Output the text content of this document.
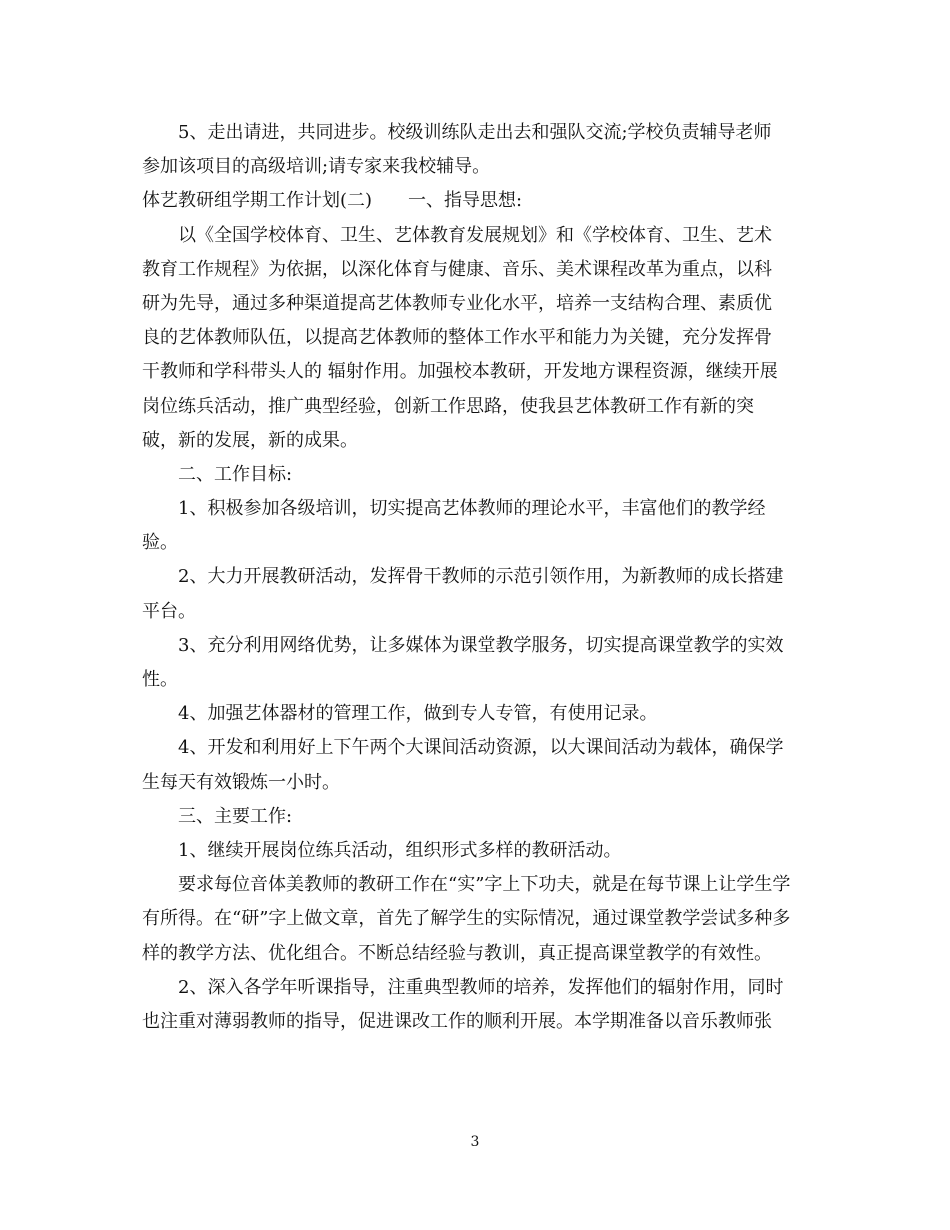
5、走出请进，共同进步。校级训练队走出去和强队交流;学校负责辅导老师
参加该项目的高级培训;请专家来我校辅导。
体艺教研组学期工作计划(二)　　一、指导思想:
以《全国学校体育、卫生、艺体教育发展规划》和《学校体育、卫生、艺术
教育工作规程》为依据，以深化体育与健康、音乐、美术课程改革为重点，以科
研为先导，通过多种渠道提高艺体教师专业化水平，培养一支结构合理、素质优
良的艺体教师队伍，以提高艺体教师的整体工作水平和能力为关键，充分发挥骨
干教师和学科带头人的 辐射作用。加强校本教研，开发地方课程资源，继续开展
岗位练兵活动，推广典型经验，创新工作思路，使我县艺体教研工作有新的突
破，新的发展，新的成果。
二、工作目标:
1、积极参加各级培训，切实提高艺体教师的理论水平，丰富他们的教学经
验。
2、大力开展教研活动，发挥骨干教师的示范引领作用，为新教师的成长搭建
平台。
3、充分利用网络优势，让多媒体为课堂教学服务，切实提高课堂教学的实效
性。
4、加强艺体器材的管理工作，做到专人专管，有使用记录。
4、开发和利用好上下午两个大课间活动资源，以大课间活动为载体，确保学
生每天有效锻炼一小时。
三、主要工作:
1、继续开展岗位练兵活动，组织形式多样的教研活动。
要求每位音体美教师的教研工作在“实”字上下功夫，就是在每节课上让学生学
有所得。在“研”字上做文章，首先了解学生的实际情况，通过课堂教学尝试多种多
样的教学方法、优化组合。不断总结经验与教训，真正提高课堂教学的有效性。
2、深入各学年听课指导，注重典型教师的培养，发挥他们的辐射作用，同时
也注重对薄弱教师的指导，促进课改工作的顺利开展。本学期准备以音乐教师张
3
